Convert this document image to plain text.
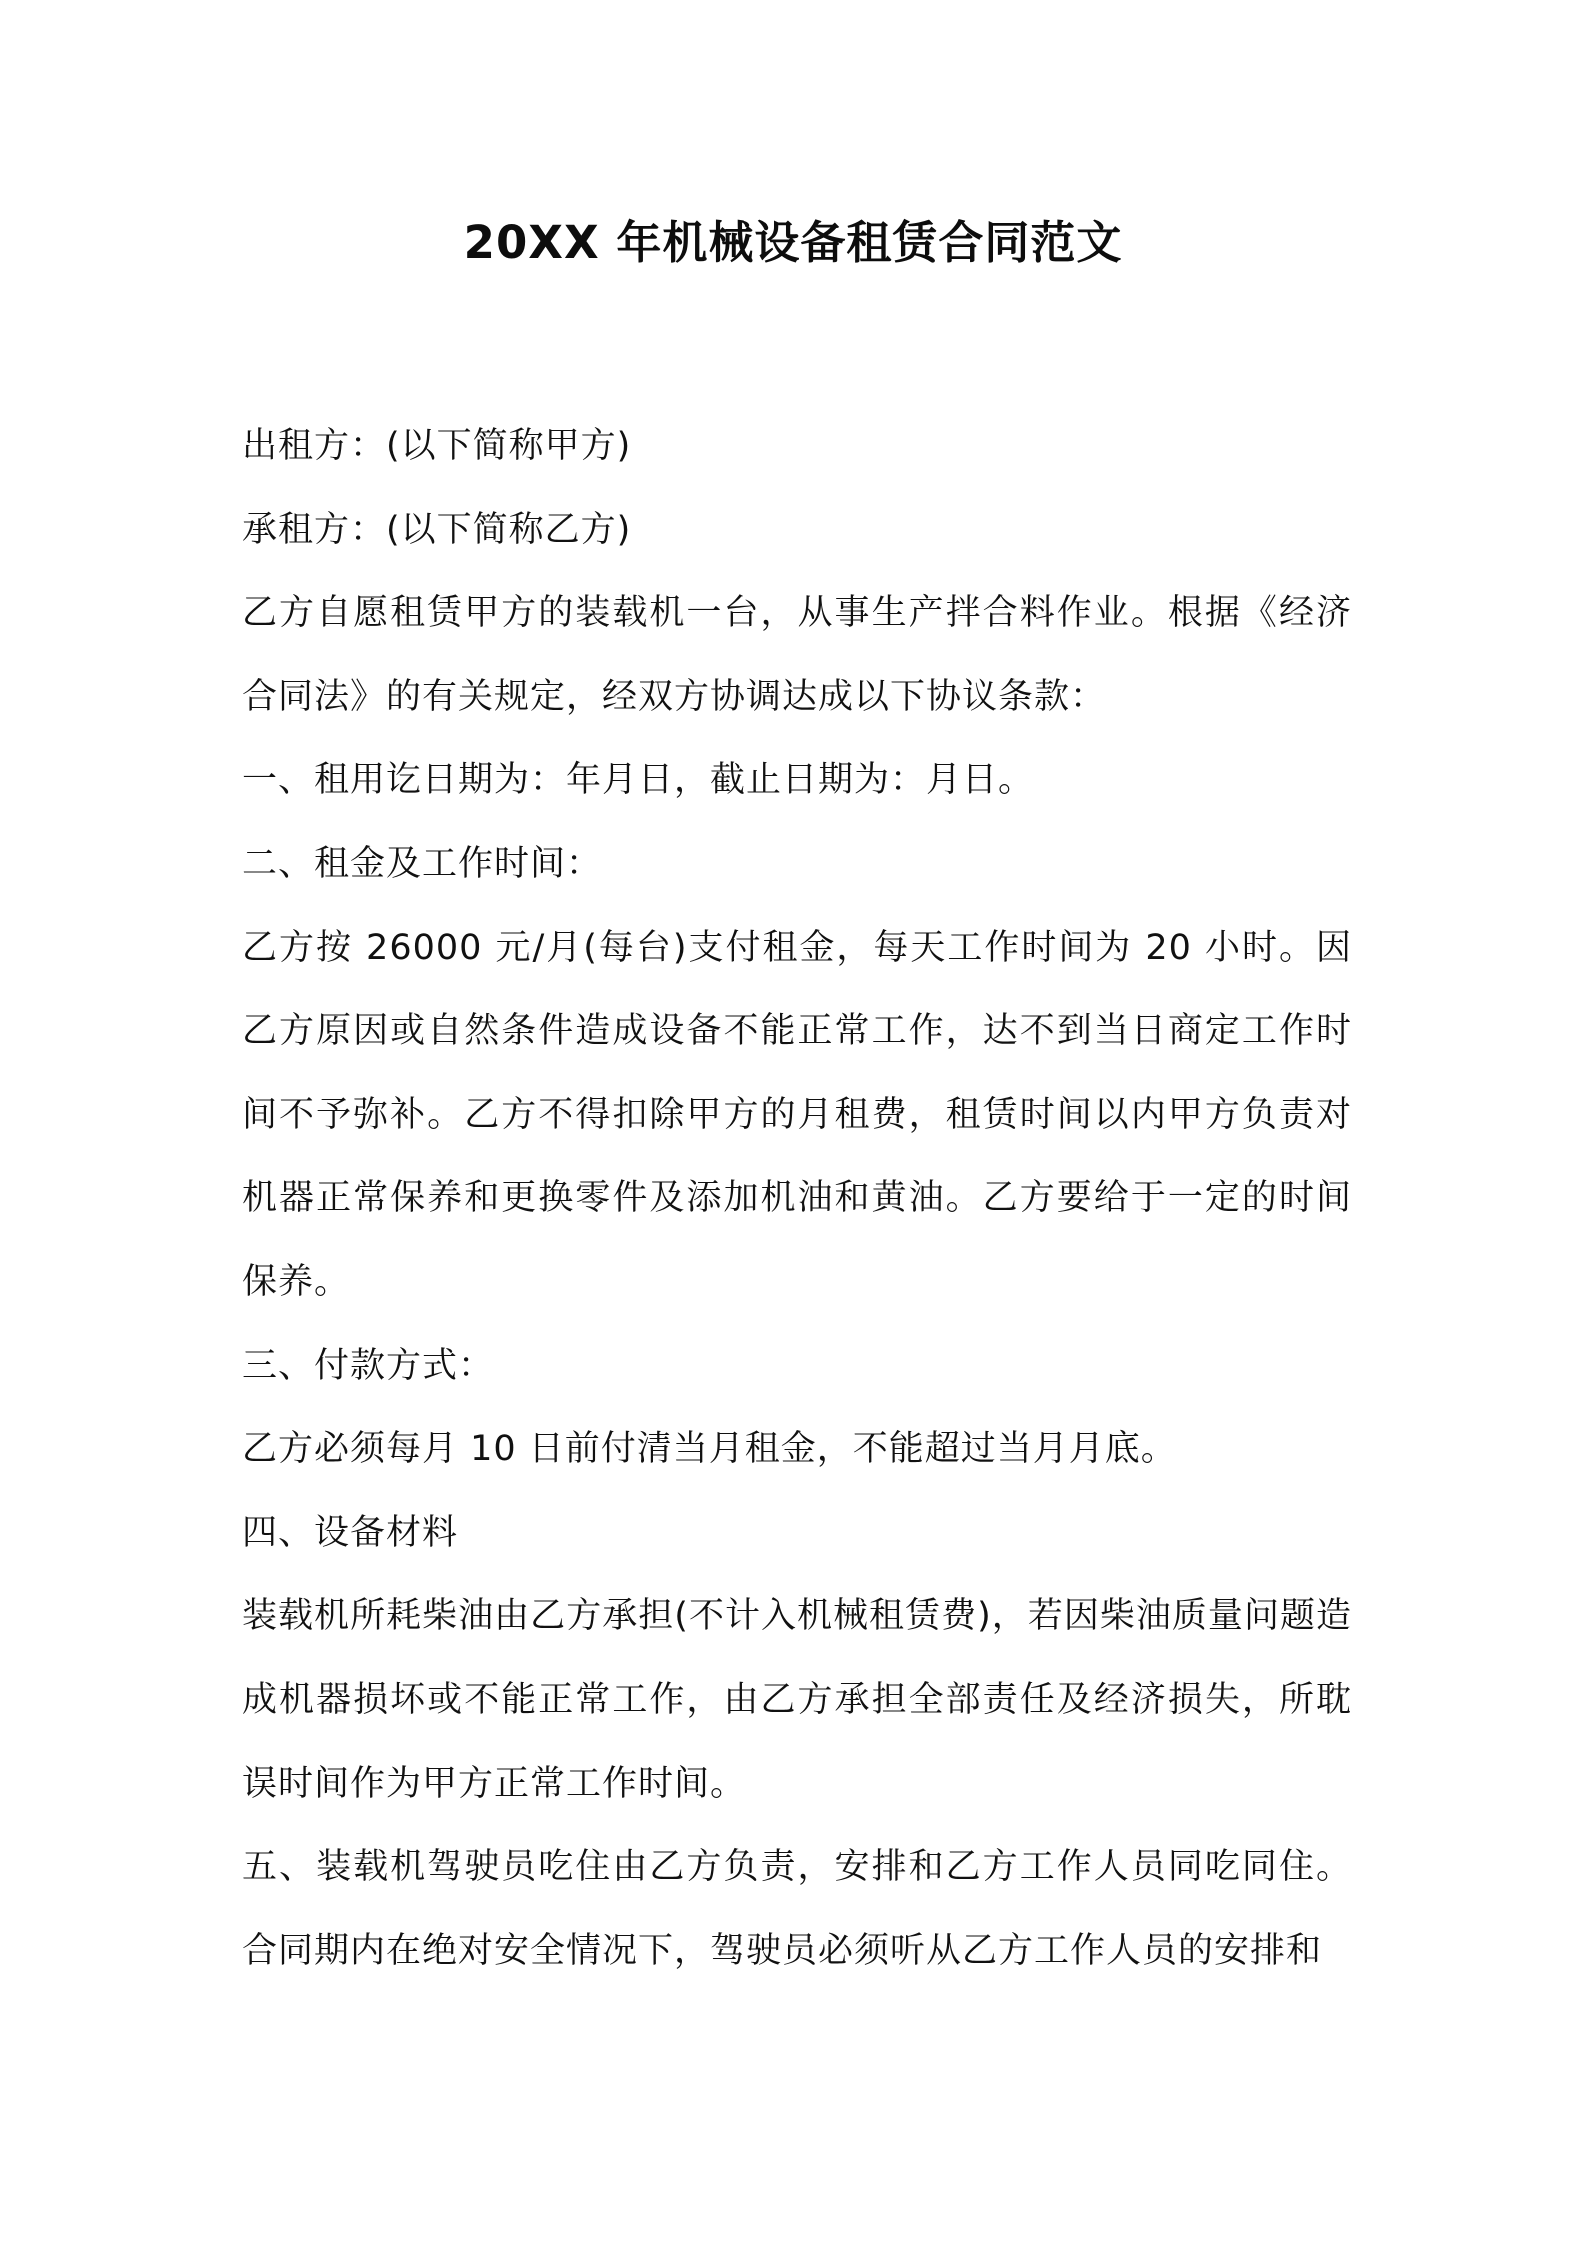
20XX 年机械设备租赁合同范文

出租方：(以下简称甲方)

承租方：(以下简称乙方)

乙方自愿租赁甲方的装载机一台，从事生产拌合料作业。根据《经济合同法》的有关规定，经双方协调达成以下协议条款：

一、租用讫日期为：年月日，截止日期为：月日。

二、租金及工作时间：

乙方按 26000 元/月(每台)支付租金，每天工作时间为 20 小时。因乙方原因或自然条件造成设备不能正常工作，达不到当日商定工作时间不予弥补。乙方不得扣除甲方的月租费，租赁时间以内甲方负责对机器正常保养和更换零件及添加机油和黄油。乙方要给于一定的时间保养。

三、付款方式：

乙方必须每月 10 日前付清当月租金，不能超过当月月底。

四、设备材料

装载机所耗柴油由乙方承担(不计入机械租赁费)，若因柴油质量问题造成机器损坏或不能正常工作，由乙方承担全部责任及经济损失，所耽误时间作为甲方正常工作时间。

五、装载机驾驶员吃住由乙方负责，安排和乙方工作人员同吃同住。合同期内在绝对安全情况下，驾驶员必须听从乙方工作人员的安排和
